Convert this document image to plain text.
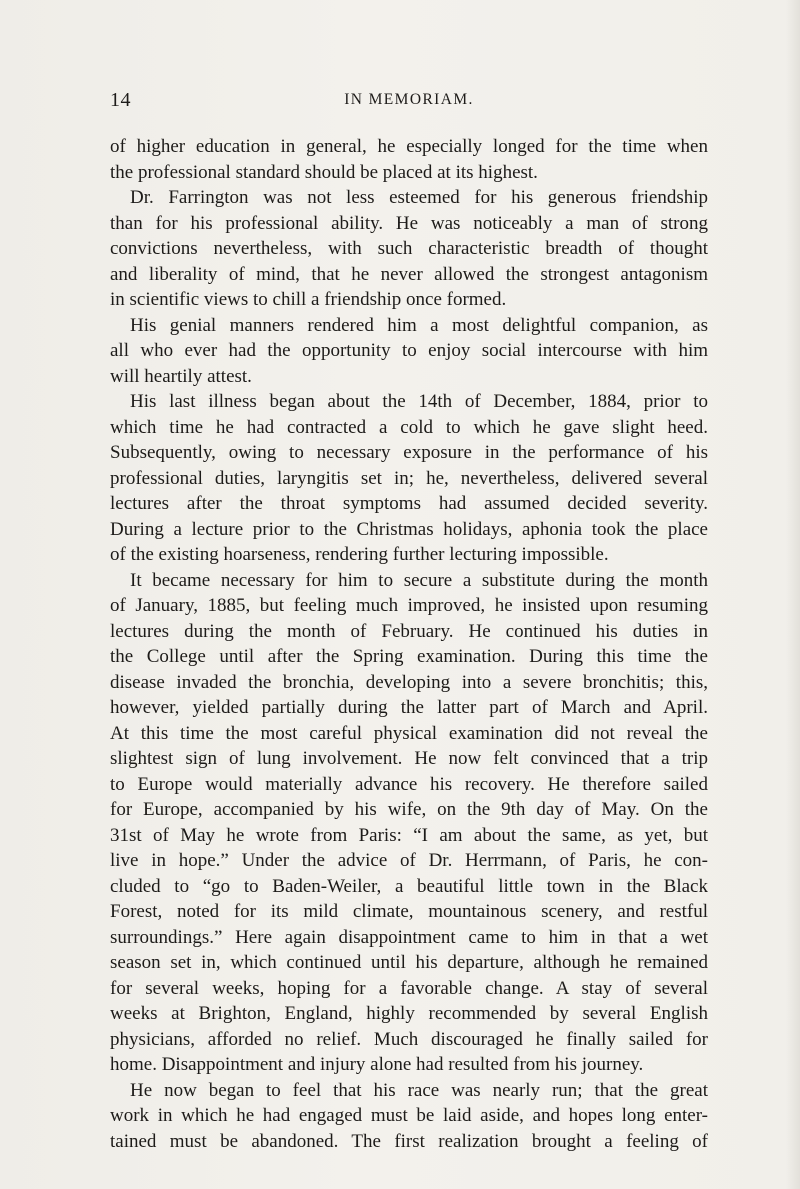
14	IN MEMORIAM.
of higher education in general, he especially longed for the time when
the professional standard should be placed at its highest.
Dr. Farrington was not less esteemed for his generous friendship
than for his professional ability. He was noticeably a man of strong
convictions nevertheless, with such characteristic breadth of thought
and liberality of mind, that he never allowed the strongest antagonism
in scientific views to chill a friendship once formed.
His genial manners rendered him a most delightful companion, as
all who ever had the opportunity to enjoy social intercourse with him
will heartily attest.
His last illness began about the 14th of December, 1884, prior to
which time he had contracted a cold to which he gave slight heed.
Subsequently, owing to necessary exposure in the performance of his
professional duties, laryngitis set in; he, nevertheless, delivered several
lectures after the throat symptoms had assumed decided severity.
During a lecture prior to the Christmas holidays, aphonia took the place
of the existing hoarseness, rendering further lecturing impossible.
It became necessary for him to secure a substitute during the month
of January, 1885, but feeling much improved, he insisted upon resuming
lectures during the month of February. He continued his duties in
the College until after the Spring examination. During this time the
disease invaded the bronchia, developing into a severe bronchitis; this,
however, yielded partially during the latter part of March and April.
At this time the most careful physical examination did not reveal the
slightest sign of lung involvement. He now felt convinced that a trip
to Europe would materially advance his recovery. He therefore sailed
for Europe, accompanied by his wife, on the 9th day of May. On the
31st of May he wrote from Paris: “I am about the same, as yet, but
live in hope.” Under the advice of Dr. Herrmann, of Paris, he con-
cluded to “go to Baden-Weiler, a beautiful little town in the Black
Forest, noted for its mild climate, mountainous scenery, and restful
surroundings.” Here again disappointment came to him in that a wet
season set in, which continued until his departure, although he remained
for several weeks, hoping for a favorable change. A stay of several
weeks at Brighton, England, highly recommended by several English
physicians, afforded no relief. Much discouraged he finally sailed for
home. Disappointment and injury alone had resulted from his journey.
He now began to feel that his race was nearly run; that the great
work in which he had engaged must be laid aside, and hopes long enter-
tained must be abandoned. The first realization brought a feeling of
